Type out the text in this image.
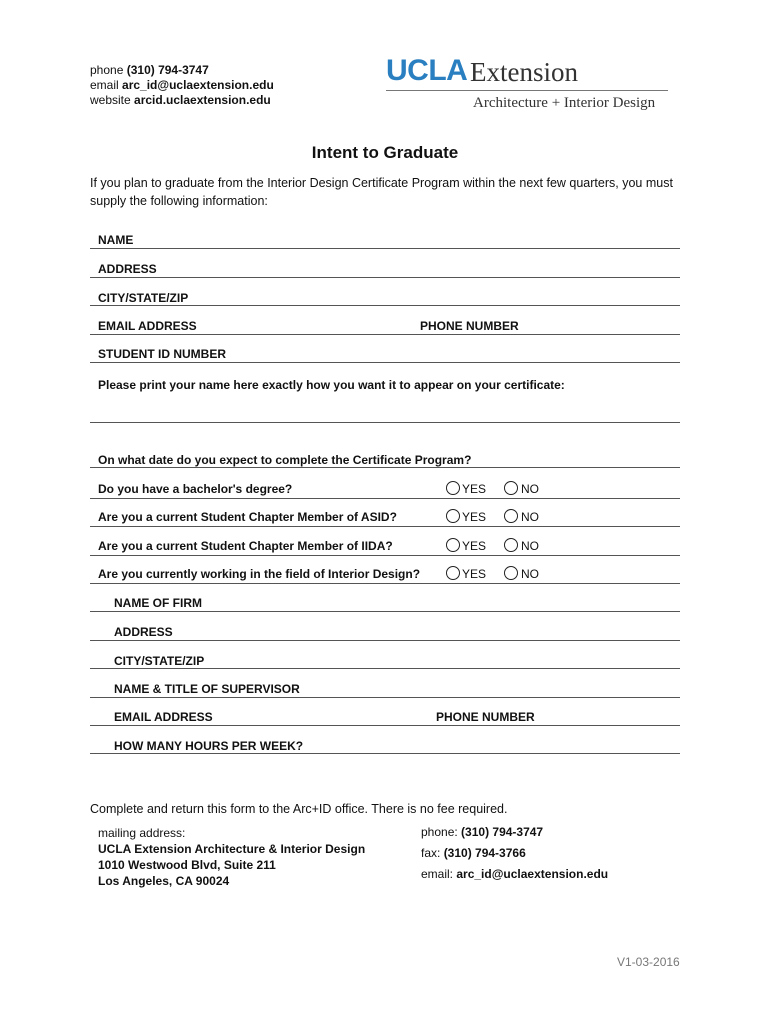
phone (310) 794-3747
email arc_id@uclaextension.edu
website arcid.uclaextension.edu
UCLA Extension
Architecture + Interior Design
Intent to Graduate
If you plan to graduate from the Interior Design Certificate Program within the next few quarters, you must supply the following information:
NAME
ADDRESS
CITY/STATE/ZIP
EMAIL ADDRESS	PHONE NUMBER
STUDENT ID NUMBER
Please print your name here exactly how you want it to appear on your certificate:
On what date do you expect to complete the Certificate Program?
Do you have a bachelor's degree?	YES	NO
Are you a current Student Chapter Member of ASID?	YES	NO
Are you a current Student Chapter Member of IIDA?	YES	NO
Are you currently working in the field of Interior Design?	YES	NO
NAME OF FIRM
ADDRESS
CITY/STATE/ZIP
NAME & TITLE OF SUPERVISOR
EMAIL ADDRESS	PHONE NUMBER
HOW MANY HOURS PER WEEK?
Complete and return this form to the Arc+ID office. There is no fee required.
mailing address:
UCLA Extension Architecture & Interior Design
1010 Westwood Blvd, Suite 211
Los Angeles, CA 90024
phone: (310) 794-3747
fax: (310) 794-3766
email: arc_id@uclaextension.edu
V1-03-2016
